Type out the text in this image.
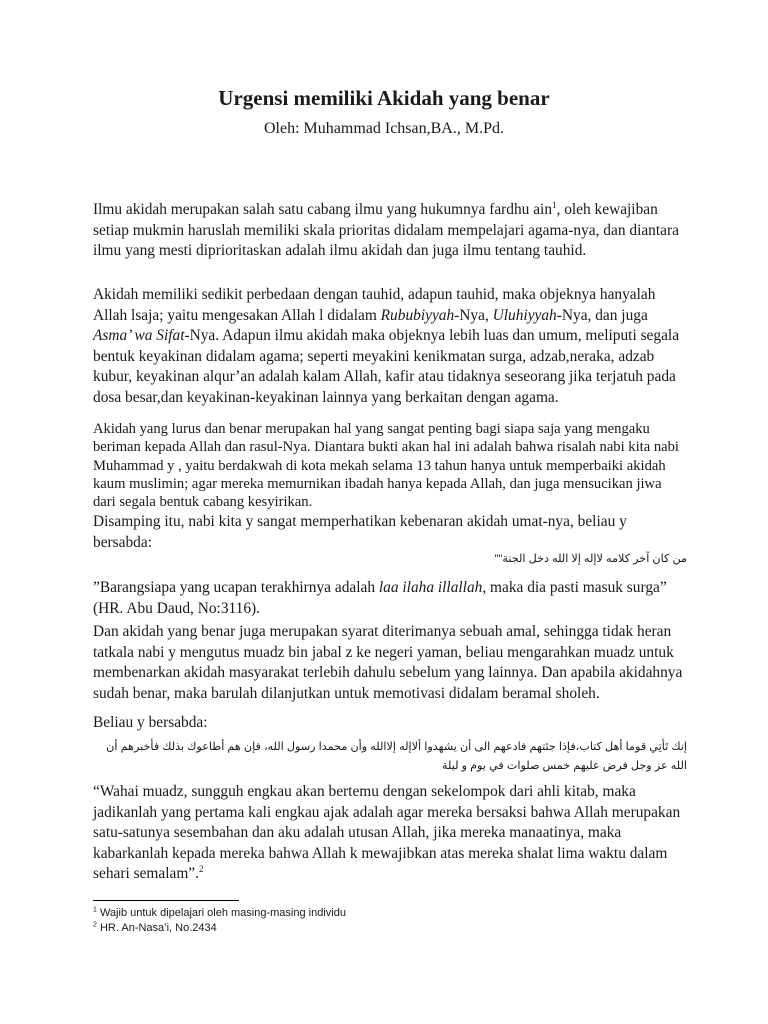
Urgensi memiliki Akidah yang benar
Oleh: Muhammad Ichsan,BA., M.Pd.

Ilmu akidah merupakan salah satu cabang ilmu yang hukumnya fardhu ain$^1$, oleh kewajiban setiap mukmin haruslah memiliki skala prioritas didalam mempelajari agama-nya, dan diantara ilmu yang mesti diprioritaskan adalah ilmu akidah dan juga ilmu tentang tauhid.

Akidah memiliki sedikit perbedaan dengan tauhid, adapun tauhid, maka objeknya hanyalah Allah lsaja; yaitu mengesakan Allah l didalam Rububiyyah-Nya, Uluhiyyah-Nya, dan juga Asma’ wa Sifat-Nya. Adapun ilmu akidah maka objeknya lebih luas dan umum, meliputi segala bentuk keyakinan didalam agama; seperti meyakini kenikmatan surga, adzab,neraka, adzab kubur, keyakinan alqur’an adalah kalam Allah, kafir atau tidaknya seseorang jika terjatuh pada dosa besar,dan keyakinan-keyakinan lainnya yang berkaitan dengan agama.

Akidah yang lurus dan benar merupakan hal yang sangat penting bagi siapa saja yang mengaku beriman kepada Allah dan rasul-Nya. Diantara bukti akan hal ini adalah bahwa risalah nabi kita nabi Muhammad y , yaitu berdakwah di kota mekah selama 13 tahun hanya untuk memperbaiki akidah kaum muslimin; agar mereka memurnikan ibadah hanya kepada Allah, dan juga mensucikan jiwa dari segala bentuk cabang kesyirikan.

Disamping itu, nabi kita y sangat memperhatikan kebenaran akidah umat-nya, beliau y bersabda:

من كان آخر كلامه لاإله إلا الله دخل الجنة""

”Barangsiapa yang ucapan terakhirnya adalah laa ilaha illallah, maka dia pasti masuk surga” (HR. Abu Daud, No:3116).

Dan akidah yang benar juga merupakan syarat diterimanya sebuah amal, sehingga tidak heran tatkala nabi y mengutus muadz bin jabal z ke negeri yaman, beliau mengarahkan muadz untuk membenarkan akidah masyarakat terlebih dahulu sebelum yang lainnya. Dan apabila akidahnya sudah benar, maka barulah dilanjutkan untuk memotivasi didalam beramal sholeh.

Beliau y bersabda:

إنك تَأتِي قوما أهل كتاب،فإذا جئتهم فادعهم الى أن يشهدوا ألاإله إلاالله وأن محمدا رسول الله، فإن هم أطاعوك بذلك فأخبرهم أن الله عز وجل فرض عليهم خمس صلوات في يوم و ليلة

“Wahai muadz, sungguh engkau akan bertemu dengan sekelompok dari ahli kitab, maka jadikanlah yang pertama kali engkau ajak adalah agar mereka bersaksi bahwa Allah merupakan satu-satunya sesembahan dan aku adalah utusan Allah, jika mereka manaatinya, maka kabarkanlah kepada mereka bahwa Allah k mewajibkan atas mereka shalat lima waktu dalam sehari semalam”.$^2$

$^1$ Wajib untuk dipelajari oleh masing-masing individu
$^2$ HR. An-Nasa’i, No.2434
